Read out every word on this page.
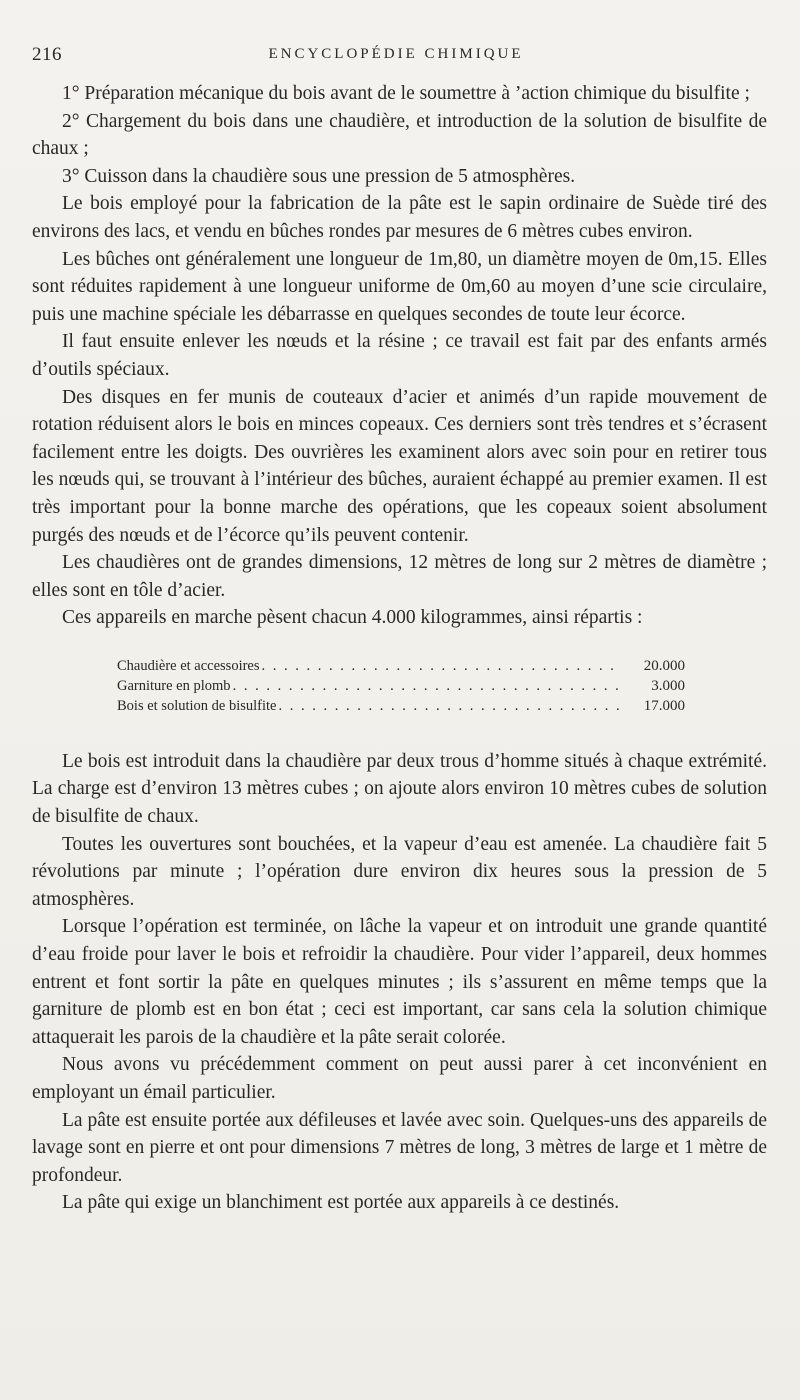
216	ENCYCLOPÉDIE CHIMIQUE

1° Préparation mécanique du bois avant de le soumettre à ’action chimique du bisulfite ;

2° Chargement du bois dans une chaudière, et introduction de la solution de bisulfite de chaux ;

3° Cuisson dans la chaudière sous une pression de 5 atmosphères.

Le bois employé pour la fabrication de la pâte est le sapin ordinaire de Suède tiré des environs des lacs, et vendu en bûches rondes par mesures de 6 mètres cubes environ.

Les bûches ont généralement une longueur de 1m,80, un diamètre moyen de 0m,15. Elles sont réduites rapidement à une longueur uniforme de 0m,60 au moyen d’une scie circulaire, puis une machine spéciale les débarrasse en quelques secondes de toute leur écorce.

Il faut ensuite enlever les nœuds et la résine ; ce travail est fait par des enfants armés d’outils spéciaux.

Des disques en fer munis de couteaux d’acier et animés d’un rapide mouvement de rotation réduisent alors le bois en minces copeaux. Ces derniers sont très tendres et s’écrasent facilement entre les doigts. Des ouvrières les examinent alors avec soin pour en retirer tous les nœuds qui, se trouvant à l’intérieur des bûches, auraient échappé au premier examen. Il est très important pour la bonne marche des opérations, que les copeaux soient absolument purgés des nœuds et de l’écorce qu’ils peuvent contenir.

Les chaudières ont de grandes dimensions, 12 mètres de long sur 2 mètres de diamètre ; elles sont en tôle d’acier.

Ces appareils en marche pèsent chacun 4.000 kilogrammes, ainsi répartis :

Chaudière et accessoires . . .	20.000
Garniture en plomb . . .	3.000
Bois et solution de bisulfite . . .	17.000

Le bois est introduit dans la chaudière par deux trous d’homme situés à chaque extrémité. La charge est d’environ 13 mètres cubes ; on ajoute alors environ 10 mètres cubes de solution de bisulfite de chaux.

Toutes les ouvertures sont bouchées, et la vapeur d’eau est amenée. La chaudière fait 5 révolutions par minute ; l’opération dure environ dix heures sous la pression de 5 atmosphères.

Lorsque l’opération est terminée, on lâche la vapeur et on introduit une grande quantité d’eau froide pour laver le bois et refroidir la chaudière. Pour vider l’appareil, deux hommes entrent et font sortir la pâte en quelques minutes ; ils s’assurent en même temps que la garniture de plomb est en bon état ; ceci est important, car sans cela la solution chimique attaquerait les parois de la chaudière et la pâte serait colorée.

Nous avons vu précédemment comment on peut aussi parer à cet inconvénient en employant un émail particulier.

La pâte est ensuite portée aux défileuses et lavée avec soin. Quelques-uns des appareils de lavage sont en pierre et ont pour dimensions 7 mètres de long, 3 mètres de large et 1 mètre de profondeur.

La pâte qui exige un blanchiment est portée aux appareils à ce destinés.
